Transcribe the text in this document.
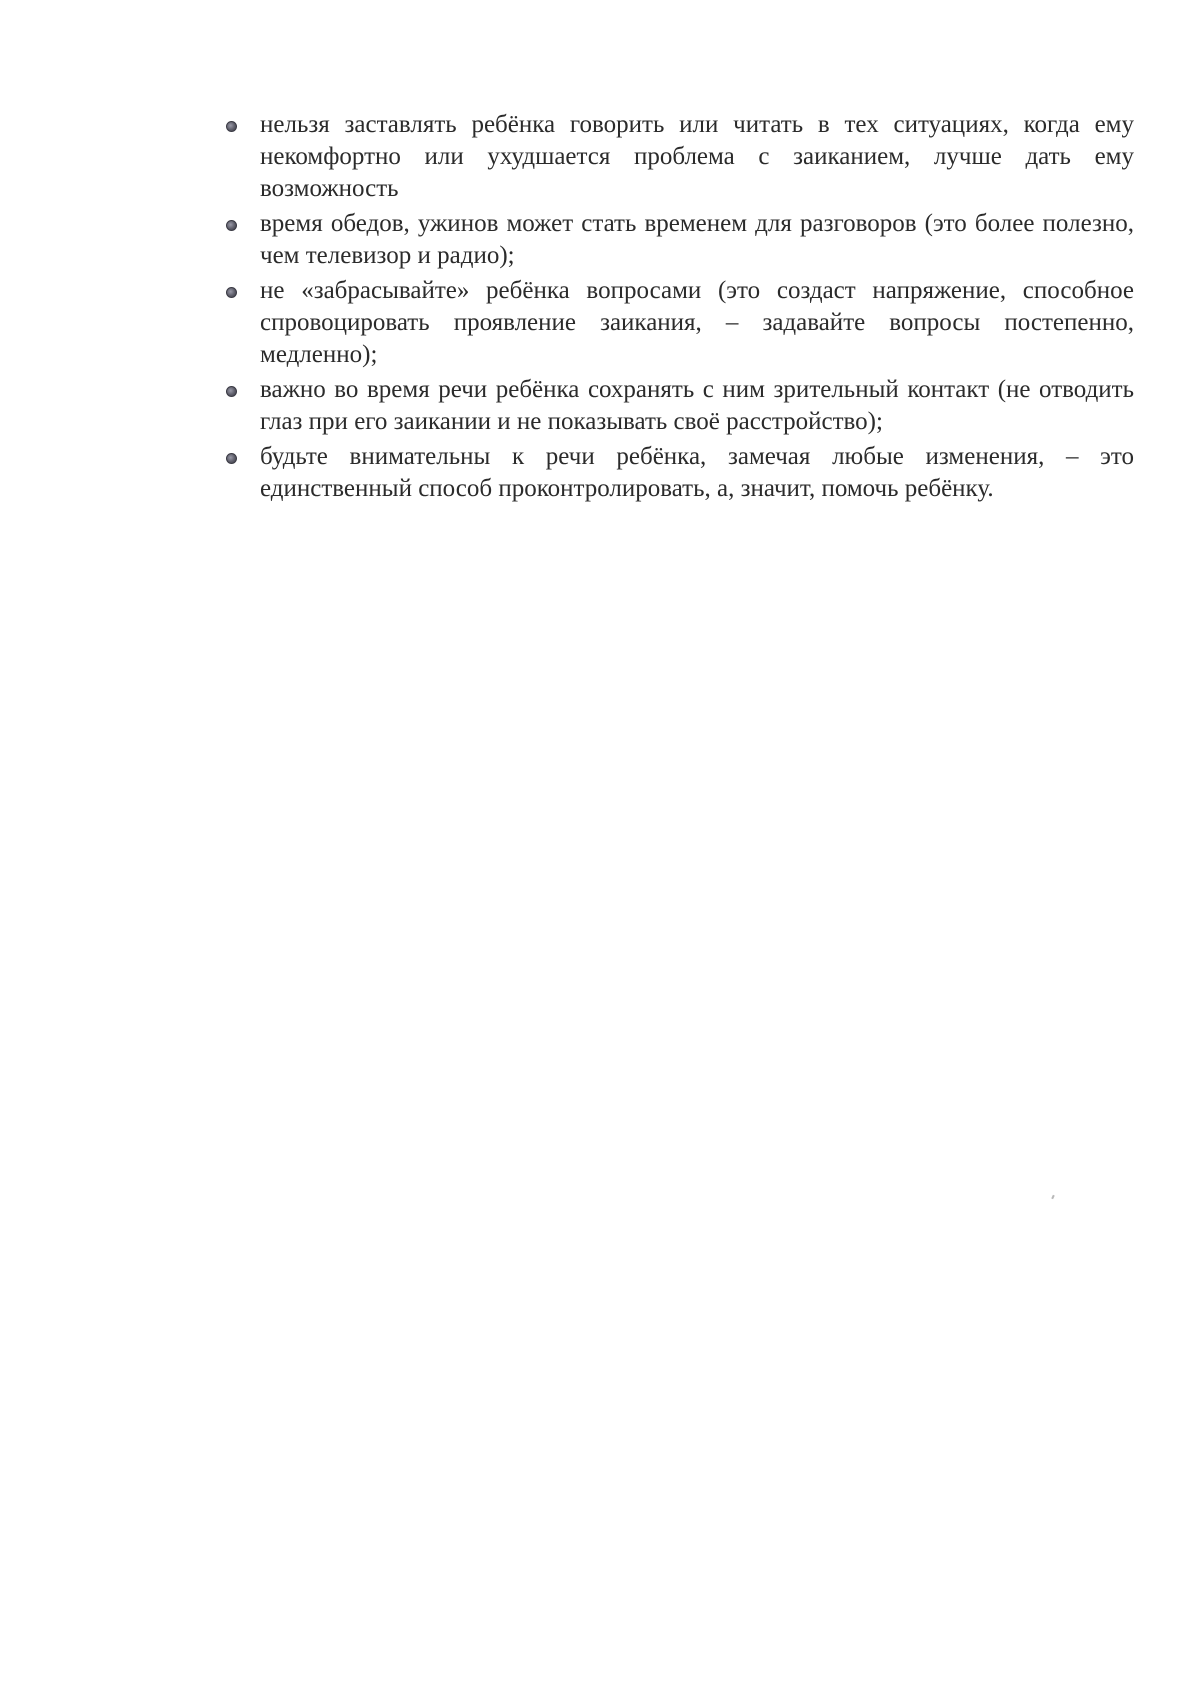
нельзя заставлять ребёнка говорить или читать в тех ситуациях, когда ему некомфортно или ухудшается проблема с заиканием, лучше дать ему возможность
время обедов, ужинов может стать временем для разговоров (это более полезно, чем телевизор и радио);
не «забрасывайте» ребёнка вопросами (это создаст напряжение, способное спровоцировать проявление заикания, – задавайте вопросы постепенно, медленно);
важно во время речи ребёнка сохранять с ним зрительный контакт (не отводить глаз при его заикании и не показывать своё расстройство);
будьте внимательны к речи ребёнка, замечая любые изменения, – это единственный способ проконтролировать, а, значит, помочь ребёнку.
